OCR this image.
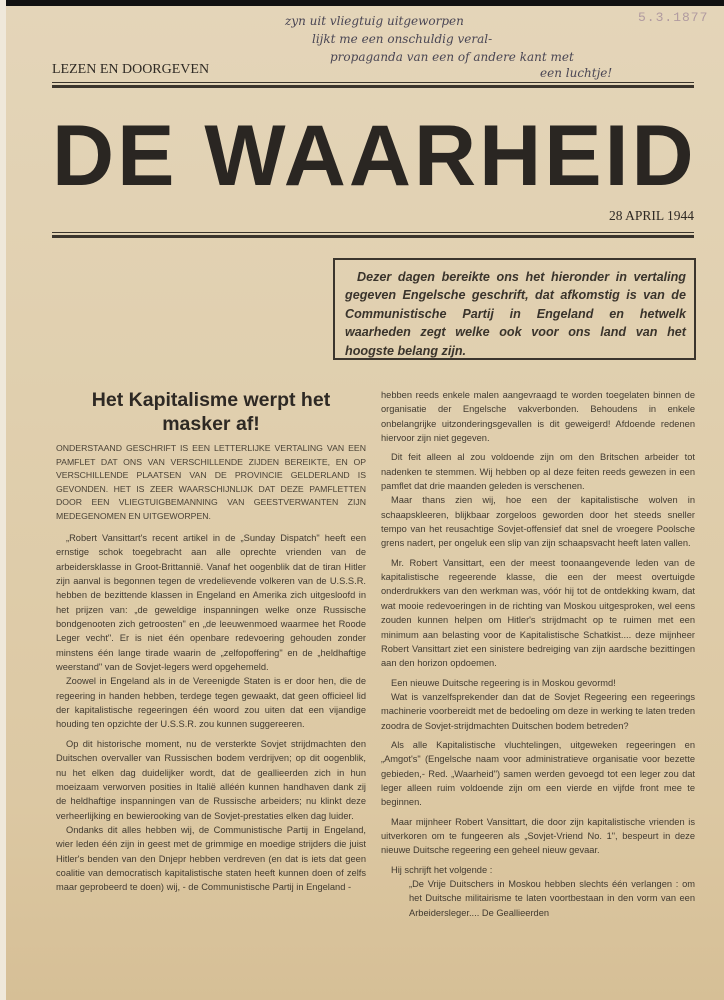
zyn uit vliegtuig uitgeworpen
lijkt me een onschuldig veral-
propaganda van een of andere kant met
een luchtje!
5.3.1877
LEZEN EN DOORGEVEN
DE WAARHEID
28 APRIL 1944
Dezer dagen bereikte ons het hieronder in vertaling gegeven Engelsche geschrift, dat afkomstig is van de Communistische Partij in Engeland en hetwelk waarheden zegt welke ook voor ons land van het hoogste belang zijn.
Het Kapitalisme werpt het masker af!
ONDERSTAAND GESCHRIFT IS EEN LETTERLIJKE VERTALING VAN EEN PAMFLET DAT ONS VAN VERSCHILLENDE ZIJDEN BEREIKTE, EN OP VERSCHILLENDE PLAATSEN VAN DE PROVINCIE GELDERLAND IS GEVONDEN. HET IS ZEER WAARSCHIJNLIJK DAT DEZE PAMFLETTEN DOOR EEN VLIEGTUIGBEMANNING VAN GEESTVERWANTEN ZIJN MEDEGENOMEN EN UITGEWORPEN.

„Robert Vansittart's recent artikel in de „Sunday Dispatch" heeft een ernstige schok toegebracht aan alle oprechte vrienden van de arbeidersklasse in Groot-Brittannië. Vanaf het oogenblik dat de tiran Hitler zijn aanval is begonnen tegen de vredelievende volkeren van de U.S.S.R. hebben de bezittende klassen in Engeland en Amerika zich uitgesloofd in het prijzen van: „de geweldige inspanningen welke onze Russische bondgenooten zich getroosten" en „de leeuwenmoed waarmee het Roode Leger vecht". Er is niet één openbare redevoering gehouden zonder minstens één lange tirade waarin de „zelfopoffering" en de „heldhaftige weerstand" van de Sovjet-legers werd opgehemeld.

Zoowel in Engeland als in de Vereenigde Staten is er door hen, die de regeering in handen hebben, terdege tegen gewaakt, dat geen officieel lid der kapitalistische regeeringen één woord zou uiten dat een vijandige houding ten opzichte der U.S.S.R. zou kunnen suggereeren.

Op dit historische moment, nu de versterkte Sovjet strijdmachten den Duitschen overvaller van Russischen bodem verdrijven; op dit oogenblik, nu het elken dag duidelijker wordt, dat de geallieerden zich in hun moeizaam verworven posities in Italië alléén kunnen handhaven dank zij de heldhaftige inspanningen van de Russische arbeiders; nu klinkt deze verheerlijking en bewierooking van de Sovjet-prestaties elken dag luider.

Ondanks dit alles hebben wij, de Communistische Partij in Engeland, wier leden één zijn in geest met de grimmige en moedige strijders die juist Hitler's benden van den Dnjepr hebben verdreven (en dat is iets dat geen coalitie van democratisch kapitalistische staten heeft kunnen doen of zelfs maar geprobeerd te doen) wij, - de Communistische Partij in Engeland -

hebben reeds enkele malen aangevraagd te worden toegelaten binnen de organisatie der Engelsche vakverbonden. Behoudens in enkele onbelangrijke uitzonderingsgevallen is dit geweigerd! Afdoende redenen hiervoor zijn niet gegeven.

Dit feit alleen al zou voldoende zijn om den Britschen arbeider tot nadenken te stemmen. Wij hebben op al deze feiten reeds gewezen in een pamflet dat drie maanden geleden is verschenen.

Maar thans zien wij, hoe een der kapitalistische wolven in schaapskleeren, blijkbaar zorgeloos geworden door het steeds sneller tempo van het reusachtige Sovjet-offensief dat snel de vroegere Poolsche grens nadert, per ongeluk een slip van zijn schaapsvacht heeft laten vallen.

Mr. Robert Vansittart, een der meest toonaangevende leden van de kapitalistische regeerende klasse, die een der meest overtuigde onderdrukkers van den werkman was, vóór hij tot de ontdekking kwam, dat wat mooie redevoeringen in de richting van Moskou uitgesproken, wel eens zouden kunnen helpen om Hitler's strijdmacht op te ruimen met een minimum aan belasting voor de Kapitalistische Schatkist.... deze mijnheer Robert Vansittart ziet een sinistere bedreiging van zijn aardsche bezittingen aan den horizon opdoemen.

Een nieuwe Duitsche regeering is in Moskou gevormd!

Wat is vanzelfsprekender dan dat de Sovjet Regeering een regeerings machinerie voorbereidt met de bedoeling om deze in werking te laten treden zoodra de Sovjet-strijdmachten Duitschen bodem betreden?

Als alle Kapitalistische vluchtelingen, uitgeweken regeeringen en „Amgot's" (Engelsche naam voor administratieve organisatie voor bezette gebieden,- Red. „Waarheid") samen werden gevoegd tot een leger zou dat leger alleen ruim voldoende zijn om een vierde en vijfde front mee te beginnen.

Maar mijnheer Robert Vansittart, die door zijn kapitalistische vrienden is uitverkoren om te fungeeren als „Sovjet-Vriend No. 1", bespeurt in deze nieuwe Duitsche regeering een geheel nieuw gevaar.

Hij schrijft het volgende :

„De Vrije Duitschers in Moskou hebben slechts één verlangen : om het Duitsche militairisme te laten voortbestaan in den vorm van een Arbeidersleger.... De Geallieerden
